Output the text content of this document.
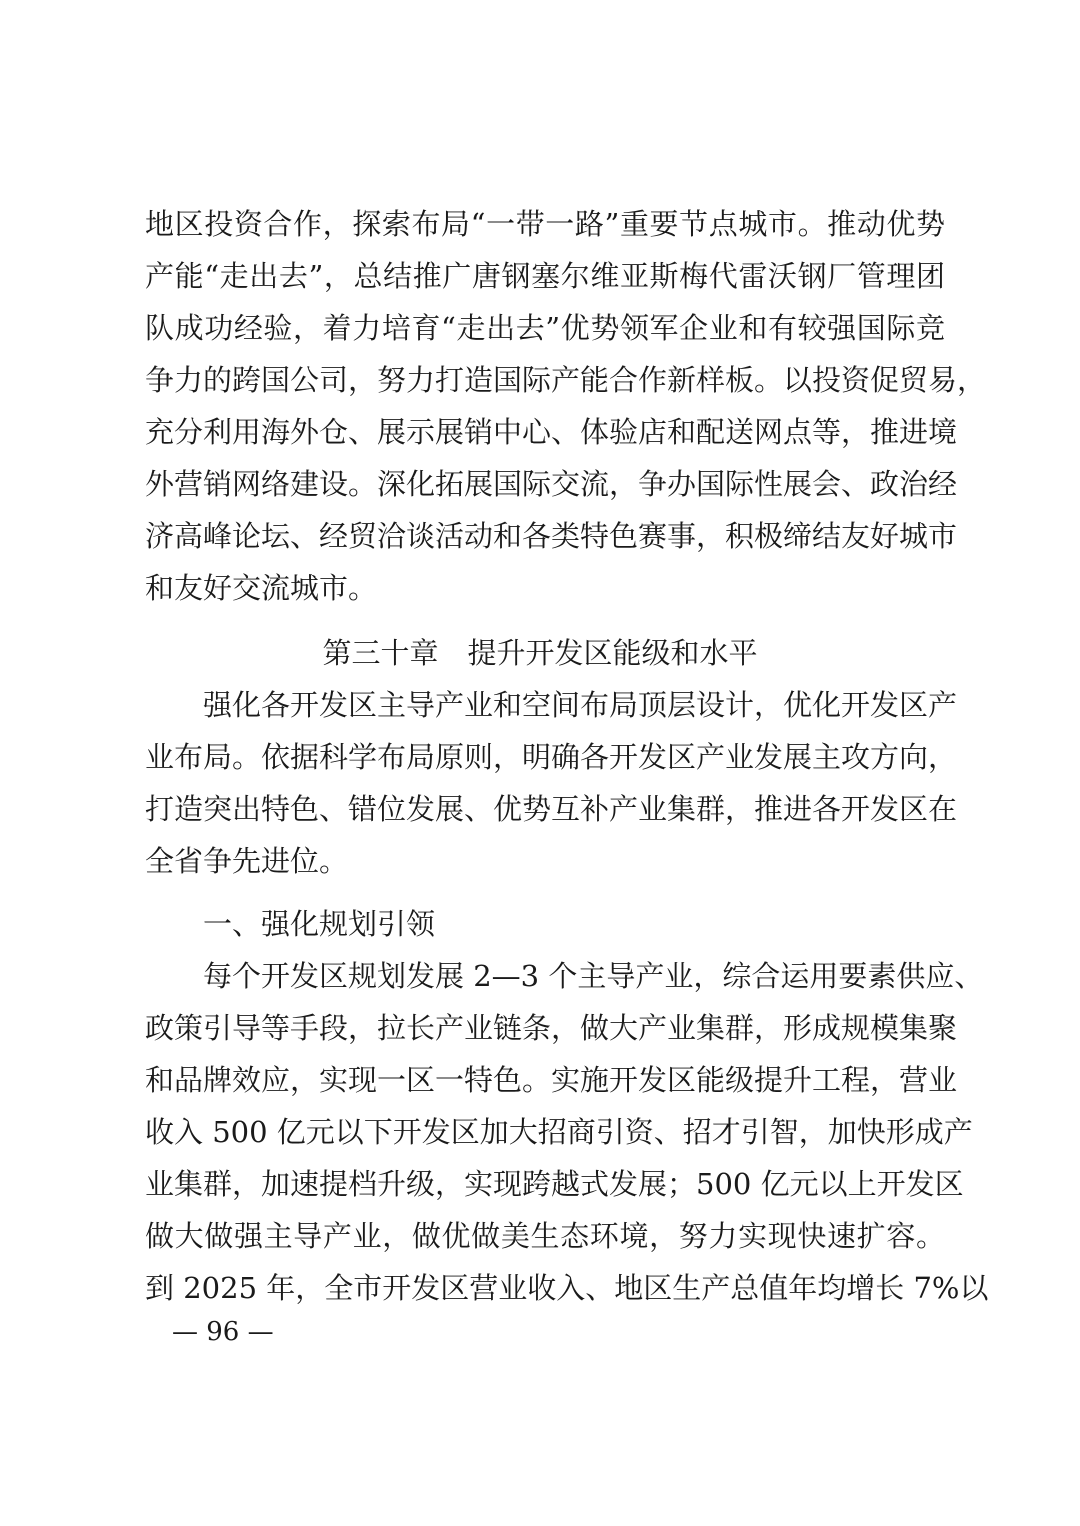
地区投资合作，探索布局“一带一路”重要节点城市。推动优势
产能“走出去”，总结推广唐钢塞尔维亚斯梅代雷沃钢厂管理团
队成功经验，着力培育“走出去”优势领军企业和有较强国际竞
争力的跨国公司，努力打造国际产能合作新样板。以投资促贸易，
充分利用海外仓、展示展销中心、体验店和配送网点等，推进境
外营销网络建设。深化拓展国际交流，争办国际性展会、政治经
济高峰论坛、经贸洽谈活动和各类特色赛事，积极缔结友好城市
和友好交流城市。
第三十章 提升开发区能级和水平
强化各开发区主导产业和空间布局顶层设计，优化开发区产
业布局。依据科学布局原则，明确各开发区产业发展主攻方向，
打造突出特色、错位发展、优势互补产业集群，推进各开发区在
全省争先进位。
一、强化规划引领
每个开发区规划发展 2—3 个主导产业，综合运用要素供应、
政策引导等手段，拉长产业链条，做大产业集群，形成规模集聚
和品牌效应，实现一区一特色。实施开发区能级提升工程，营业
收入 500 亿元以下开发区加大招商引资、招才引智，加快形成产
业集群，加速提档升级，实现跨越式发展；500 亿元以上开发区
做大做强主导产业，做优做美生态环境，努力实现快速扩容。
到 2025 年，全市开发区营业收入、地区生产总值年均增长 7%以
— 96 —
